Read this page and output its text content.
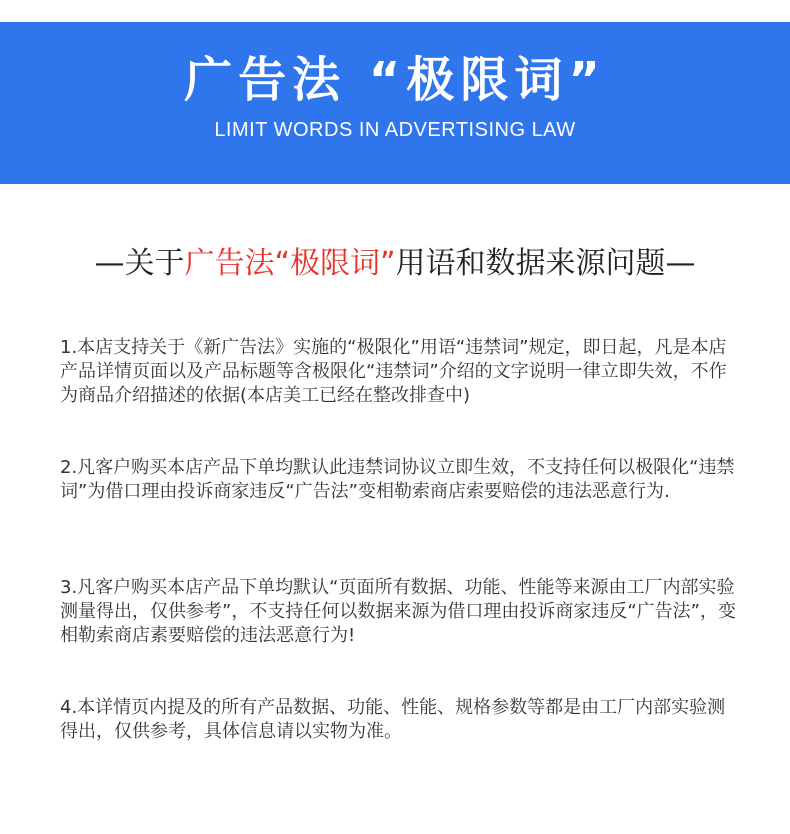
广告法 “极限词”
LIMIT WORDS IN ADVERTISING LAW
—关于广告法“极限词”用语和数据来源问题—
1.本店支持关于《新广告法》实施的“极限化”用语“违禁词”规定，即日起，凡是本店产品详情页面以及产品标题等含极限化“违禁词”介绍的文字说明一律立即失效，不作为商品介绍描述的依据(本店美工已经在整改排查中)
2.凡客户购买本店产品下单均默认此违禁词协议立即生效，不支持任何以极限化“违禁词”为借口理由投诉商家违反“广告法”变相勒索商店索要赔偿的违法恶意行为.
3.凡客户购买本店产品下单均默认“页面所有数据、功能、性能等来源由工厂内部实验测量得出，仅供参考”，不支持任何以数据来源为借口理由投诉商家违反“广告法”，变相勒索商店素要赔偿的违法恶意行为!
4.本详情页内提及的所有产品数据、功能、性能、规格参数等都是由工厂内部实验测得出，仅供参考，具体信息请以实物为准。
